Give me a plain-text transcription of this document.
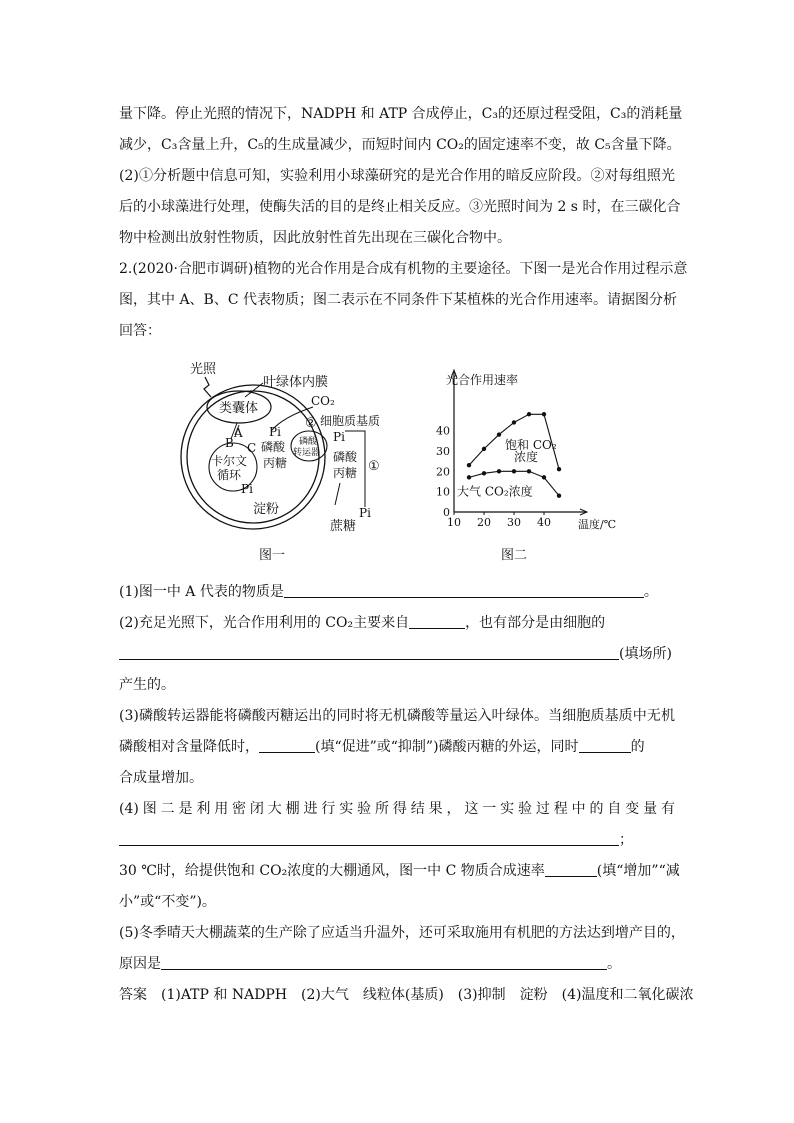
量下降。停止光照的情况下，NADPH 和 ATP 合成停止，C₃的还原过程受阻，C₃的消耗量
减少，C₃含量上升，C₅的生成量减少，而短时间内 CO₂的固定速率不变，故 C₅含量下降。
(2)①分析题中信息可知，实验利用小球藻研究的是光合作用的暗反应阶段。②对每组照光
后的小球藻进行处理，使酶失活的目的是终止相关反应。③光照时间为 2 s 时，在三碳化合
物中检测出放射性物质，因此放射性首先出现在三碳化合物中。
2.(2020·合肥市调研)植物的光合作用是合成有机物的主要途径。下图一是光合作用过程示意
图，其中 A、B、C 代表物质；图二表示在不同条件下某植株的光合作用速率。请据图分析
回答：
光照
叶绿体内膜
类囊体
A
B C
卡尔文
循环
Pi
磷酸
丙糖
Pi
淀粉
CO₂
② 细胞质基质
磷酸
转运器
Pi
磷酸
丙糖
蔗糖
Pi
①
图一
光合作用速率
温度/℃
10 20 30 40
0
10
20
30
40
饱和 CO₂
浓度
大气 CO₂浓度
图二
(1)图一中 A 代表的物质是	。
(2)充足光照下，光合作用利用的 CO₂主要来自	，也有部分是由细胞的
(填场所)
产生的。
(3)磷酸转运器能将磷酸丙糖运出的同时将无机磷酸等量运入叶绿体。当细胞质基质中无机
磷酸相对含量降低时，	(填“促进”或“抑制”)磷酸丙糖的外运，同时	的
合成量增加。
(4)图二是利用密闭大棚进行实验所得结果，这一实验过程中的自变量有
；
30 ℃时，给提供饱和 CO₂浓度的大棚通风，图一中 C 物质合成速率	(填“增加”“减
小”或“不变”)。
(5)冬季晴天大棚蔬菜的生产除了应适当升温外，还可采取施用有机肥的方法达到增产目的，
原因是	。
答案　(1)ATP 和 NADPH　(2)大气　线粒体(基质)　(3)抑制　淀粉　(4)温度和二氧化碳浓
